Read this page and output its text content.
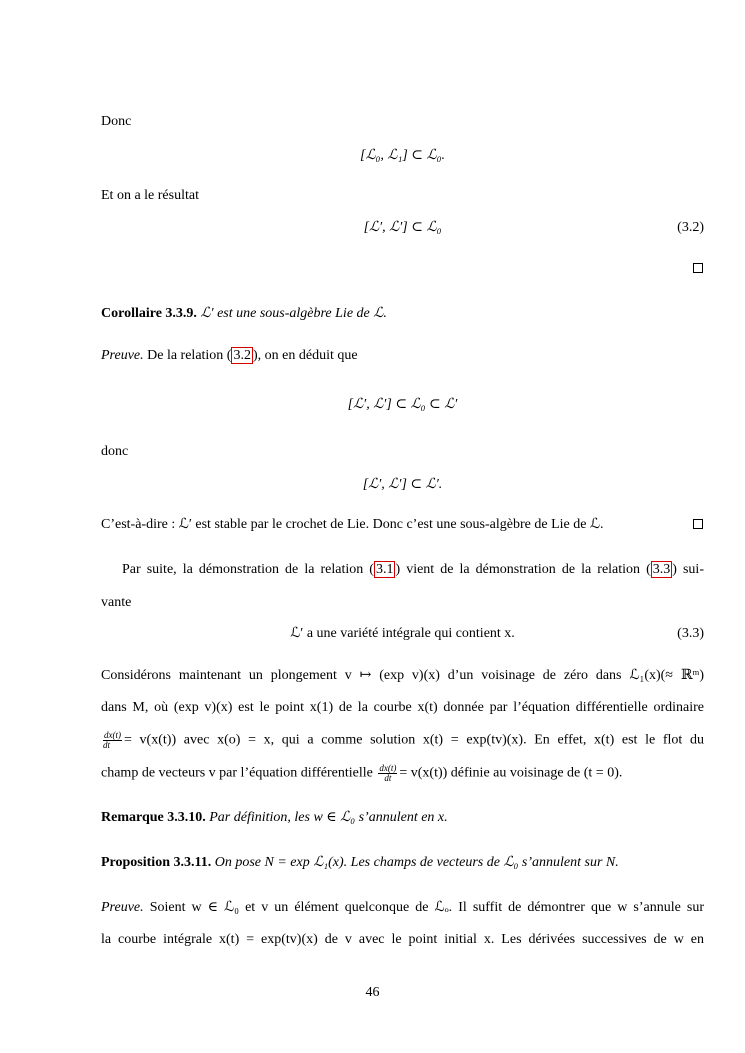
Donc
[ℒ₀, ℒ₁] ⊂ ℒ₀.
Et on a le résultat
[ℒ′, ℒ′] ⊂ ℒ₀	(3.2)
Corollaire 3.3.9. ℒ′ est une sous-algèbre Lie de ℒ.
Preuve. De la relation ( 3.2 ), on en déduit que
[ℒ′, ℒ′] ⊂ ℒ₀ ⊂ ℒ′
donc
[ℒ′, ℒ′] ⊂ ℒ′.
C’est-à-dire : ℒ′ est stable par le crochet de Lie. Donc c’est une sous-algèbre de Lie de ℒ.
Par suite, la démonstration de la relation ( 3.1 ) vient de la démonstration de la relation ( 3.3 ) sui-
vante
ℒ′ a une variété intégrale qui contient x.	(3.3)
Considérons maintenant un plongement v ↦ (exp v)(x) d’un voisinage de zéro dans ℒ₁(x)(≈ ℝᵐ)
dans M, où (exp v)(x) est le point x(1) de la courbe x(t) donnée par l’équation différentielle ordinaire
$\frac{dx(t)}{dt} = v(x(t))$ avec x(o) = x, qui a comme solution x(t) = exp(tv)(x). En effet, x(t) est le flot du
champ de vecteurs v par l’équation différentielle $\frac{dx(t)}{dt} = v(x(t))$ définie au voisinage de (t = 0).
Remarque 3.3.10. Par définition, les w ∈ ℒ₀ s’annulent en x.
Proposition 3.3.11. On pose N = exp ℒ₁(x). Les champs de vecteurs de ℒ₀ s’annulent sur N.
Preuve. Soient w ∈ ℒ₀ et v un élément quelconque de ℒₒ. Il suffit de démontrer que w s’annule sur
la courbe intégrale x(t) = exp(tv)(x) de v avec le point initial x. Les dérivées successives de w en
46
